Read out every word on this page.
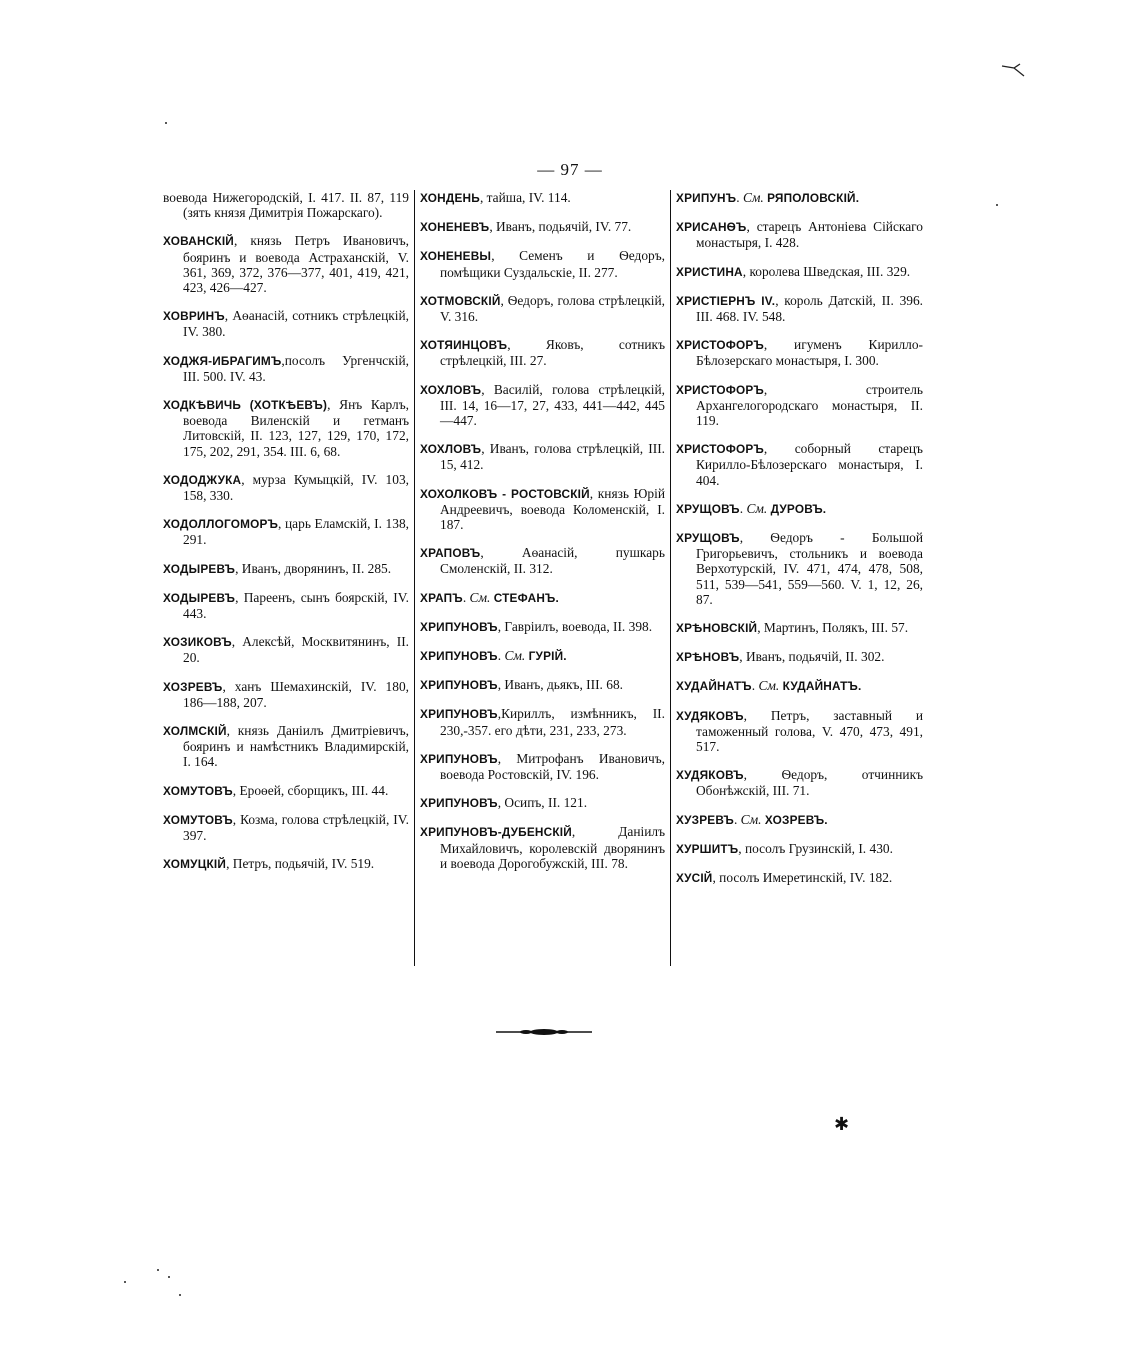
— 97 —

воевода Нижегородскій, I. 417. II. 87, 119 (зять князя Димитрія Пожарскаго).

ХОВАНСКІЙ, князь Петръ Ивановичъ, бояринъ и воевода Астраханскій, V. 361, 369, 372, 376—377, 401, 419, 421, 423, 426—427.

ХОВРИНЪ, Аѳанасій, сотникъ стрѣлецкій, IV. 380.

ХОДЖЯ-ИБРАГИМЪ,посолъ Ургенчскій, III. 500. IV. 43.

ХОДКѢВИЧЬ (ХОТКѢЕВЪ), Янъ Карлъ, воевода Виленскій и гетманъ Литовскій, II. 123, 127, 129, 170, 172, 175, 202, 291, 354. III. 6, 68.

ХОДОДЖУКА, мурза Кумыцкій, IV. 103, 158, 330.

ХОДОЛЛОГОМОРЪ, царь Еламскій, I. 138, 291.

ХОДЫРЕВЪ, Иванъ, дворянинъ, II. 285.

ХОДЫРЕВЪ, Пареенъ, сынъ боярскій, IV. 443.

ХОЗИКОВЪ, Алексѣй, Москвитянинъ, II. 20.

ХОЗРЕВЪ, ханъ Шемахинскій, IV. 180, 186—188, 207.

ХОЛМСКІЙ, князь Даніилъ Дмитріевичъ, бояринъ и намѣстникъ Владимирскій, I. 164.

ХОМУТОВЪ, Ероѳей, сборщикъ, III. 44.

ХОМУТОВЪ, Козма, голова стрѣлецкій, IV. 397.

ХОМУЦКІЙ, Петръ, подьячій, IV. 519.

ХОНДЕНЬ, тайша, IV. 114.

ХОНЕНЕВЪ, Иванъ, подьячій, IV. 77.

ХОНЕНЕВЫ, Семенъ и Ѳедоръ, помѣщики Суздальскіе, II. 277.

ХОТМОВСКІЙ, Ѳедоръ, голова стрѣлецкій, V. 316.

ХОТЯИНЦОВЪ, Яковъ, сотникъ стрѣлецкій, III. 27.

ХОХЛОВЪ, Василій, голова стрѣлецкій, III. 14, 16—17, 27, 433, 441—442, 445—447.

ХОХЛОВЪ, Иванъ, голова стрѣлецкій, III. 15, 412.

ХОХОЛКОВЪ - РОСТОВСКІЙ, князь Юрій Андреевичъ, воевода Коломенскій, I. 187.

ХРАПОВЪ, Аѳанасій, пушкарь Смоленскій, II. 312.

ХРАПЪ. См. СТЕФАНЪ.

ХРИПУНОВЪ, Гавріилъ, воевода, II. 398.

ХРИПУНОВЪ. См. ГУРІЙ.

ХРИПУНОВЪ, Иванъ, дьякъ, III. 68.

ХРИПУНОВЪ,Кириллъ, измѣнникъ, II. 230,-357. его дѣти, 231, 233, 273.

ХРИПУНОВЪ, Митрофанъ Ивановичъ, воевода Ростовскій, IV. 196.

ХРИПУНОВЪ, Осипъ, II. 121.

ХРИПУНОВЪ-ДУБЕНСКІЙ, Даніилъ Михайловичъ, королевскій дворянинъ и воевода Дорогобужскій, III. 78.

ХРИПУНЪ. См. РЯПОЛОВСКІЙ.

ХРИСАНѲЪ, старецъ Антоніева Сійскаго монастыря, I. 428.

ХРИСТИНА, королева Шведская, III. 329.

ХРИСТІЕРНЪ IV., король Датскій, II. 396. III. 468. IV. 548.

ХРИСТОФОРЪ, игуменъ Кирилло-Бѣлозерскаго монастыря, I. 300.

ХРИСТОФОРЪ, строитель Архангелогородскаго монастыря, II. 119.

ХРИСТОФОРЪ, соборный старецъ Кирилло-Бѣлозерскаго монастыря, I. 404.

ХРУЩОВЪ. См. ДУРОВЪ.

ХРУЩОВЪ, Ѳедоръ - Большой Григорьевичъ, стольникъ и воевода Верхотурскій, IV. 471, 474, 478, 508, 511, 539—541, 559—560. V. 1, 12, 26, 87.

ХРѢНОВСКІЙ, Мартинъ, Полякъ, III. 57.

ХРѢНОВЪ, Иванъ, подьячій, II. 302.

ХУДАЙНАТЪ. См. КУДАЙНАТЪ.

ХУДЯКОВЪ, Петръ, заставный и таможенный голова, V. 470, 473, 491, 517.

ХУДЯКОВЪ, Ѳедоръ, отчинникъ Обонѣжскій, III. 71.

ХУЗРЕВЪ. См. ХОЗРЕВЪ.

ХУРШИТЪ, посолъ Грузинскій, I. 430.

ХУСІЙ, посолъ Имеретинскій, IV. 182.

✱
